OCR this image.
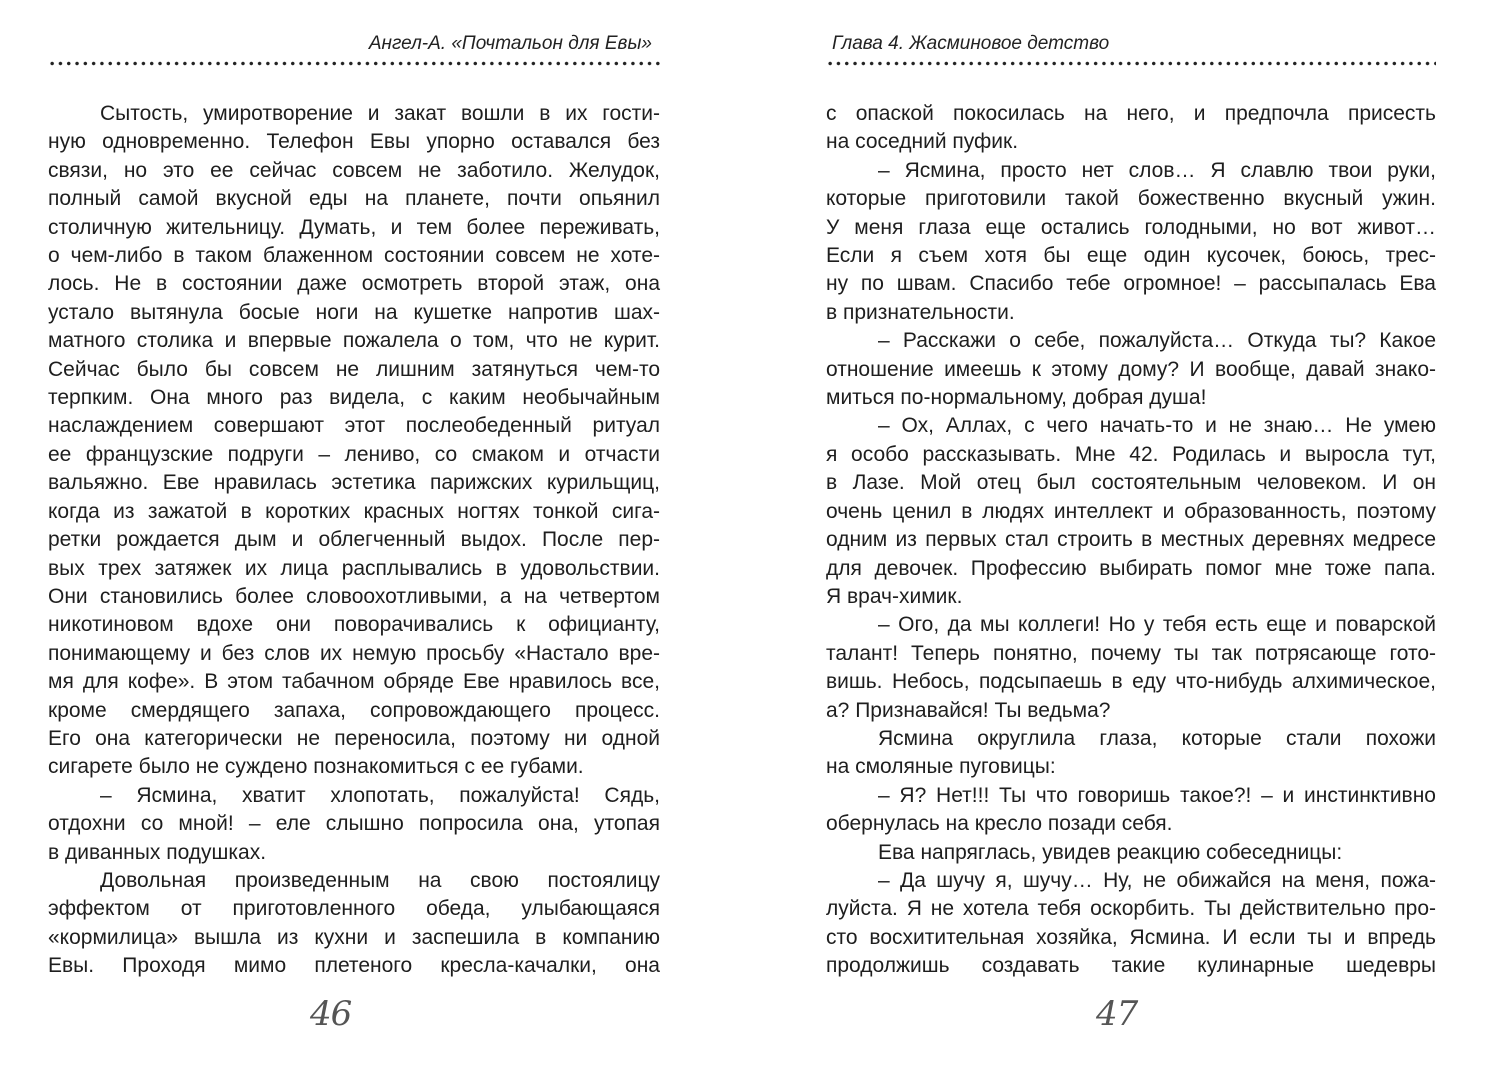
Ангел-А. «Почтальон для Евы»

Сытость, умиротворение и закат вошли в их гости-

ную одновременно. Телефон Евы упорно оставался без

связи, но это ее сейчас совсем не заботило. Желудок,

полный самой вкусной еды на планете, почти опьянил

столичную жительницу. Думать, и тем более переживать,

о чем-либо в таком блаженном состоянии совсем не хоте-

лось. Не в состоянии даже осмотреть второй этаж, она

устало вытянула босые ноги на кушетке напротив шах-

матного столика и впервые пожалела о том, что не курит.

Сейчас было бы совсем не лишним затянуться чем-то

терпким. Она много раз видела, с каким необычайным

наслаждением совершают этот послеобеденный ритуал

ее французские подруги – лениво, со смаком и отчасти

вальяжно. Еве нравилась эстетика парижских курильщиц,

когда из зажатой в коротких красных ногтях тонкой сига-

ретки рождается дым и облегченный выдох. После пер-

вых трех затяжек их лица расплывались в удовольствии.

Они становились более словоохотливыми, а на четвертом

никотиновом вдохе они поворачивались к официанту,

понимающему и без слов их немую просьбу «Настало вре-

мя для кофе». В этом табачном обряде Еве нравилось все,

кроме смердящего запаха, сопровождающего процесс.

Его она категорически не переносила, поэтому ни одной

сигарете было не суждено познакомиться с ее губами.

– Ясмина, хватит хлопотать, пожалуйста! Сядь,

отдохни со мной! – еле слышно попросила она, утопая

в диванных подушках.

Довольная произведенным на свою постоялицу

эффектом от приготовленного обеда, улыбающаяся

«кормилица» вышла из кухни и заспешила в компанию

Евы. Проходя мимо плетеного кресла-качалки, она

46
Глава 4. Жасминовое детство

с опаской покосилась на него, и предпочла присесть

на соседний пуфик.

– Ясмина, просто нет слов… Я славлю твои руки,

которые приготовили такой божественно вкусный ужин.

У меня глаза еще остались голодными, но вот живот…

Если я съем хотя бы еще один кусочек, боюсь, трес-

ну по швам. Спасибо тебе огромное! – рассыпалась Ева

в признательности.

– Расскажи о себе, пожалуйста… Откуда ты? Какое

отношение имеешь к этому дому? И вообще, давай знако-

миться по-нормальному, добрая душа!

– Ох, Аллах, с чего начать-то и не знаю… Не умею

я особо рассказывать. Мне 42. Родилась и выросла тут,

в Лазе. Мой отец был состоятельным человеком. И он

очень ценил в людях интеллект и образованность, поэтому

одним из первых стал строить в местных деревнях медресе

для девочек. Профессию выбирать помог мне тоже папа.

Я врач-химик.

– Ого, да мы коллеги! Но у тебя есть еще и поварской

талант! Теперь понятно, почему ты так потрясающе гото-

вишь. Небось, подсыпаешь в еду что-нибудь алхимическое,

а? Признавайся! Ты ведьма?

Ясмина округлила глаза, которые стали похожи

на смоляные пуговицы:

– Я? Нет!!! Ты что говоришь такое?! – и инстинктивно

обернулась на кресло позади себя.

Ева напряглась, увидев реакцию собеседницы:

– Да шучу я, шучу… Ну, не обижайся на меня, пожа-

луйста. Я не хотела тебя оскорбить. Ты действительно про-

сто восхитительная хозяйка, Ясмина. И если ты и впредь

продолжишь создавать такие кулинарные шедевры

47
